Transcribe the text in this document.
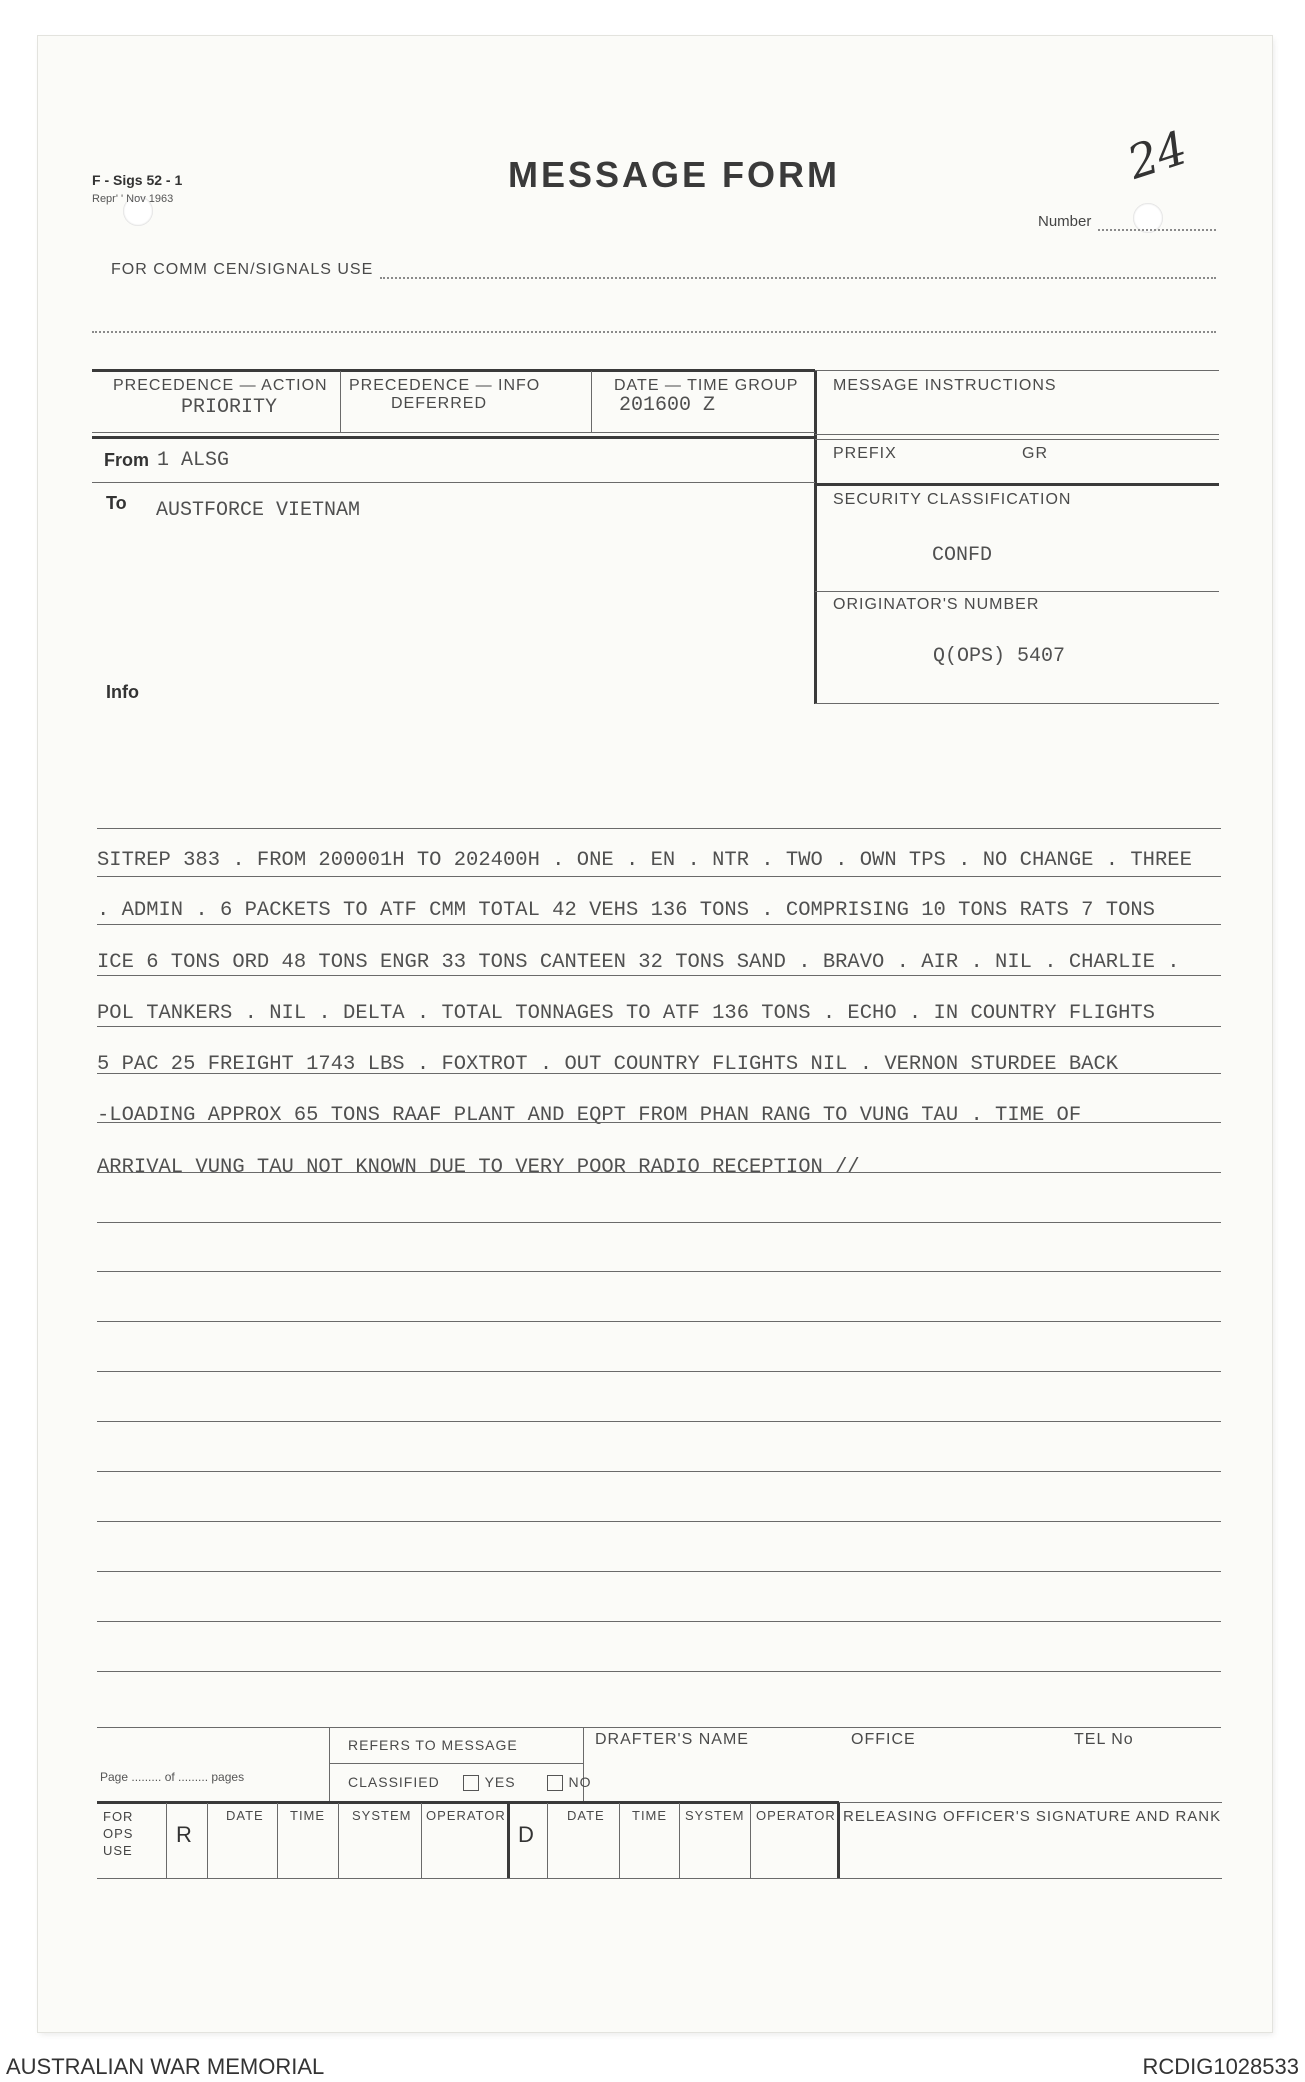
F - Sigs 52 - 1
Repr' ' Nov 1963
MESSAGE FORM
Number
24
FOR COMM CEN/SIGNALS USE
PRECEDENCE — ACTION
PRIORITY
PRECEDENCE — INFO
DEFERRED
DATE — TIME GROUP
201600 Z
MESSAGE INSTRUCTIONS
PREFIX	GR
SECURITY CLASSIFICATION
CONFD
ORIGINATOR'S NUMBER
Q(OPS) 5407
From 1 ALSG
To AUSTFORCE VIETNAM
Info
SITREP 383 . FROM 200001H TO 202400H . ONE . EN . NTR . TWO . OWN TPS . NO CHANGE . THREE
. ADMIN . 6 PACKETS TO ATF CMM TOTAL 42 VEHS 136 TONS . COMPRISING 10 TONS RATS 7 TONS
ICE 6 TONS ORD 48 TONS ENGR 33 TONS CANTEEN 32 TONS SAND . BRAVO . AIR . NIL . CHARLIE .
POL TANKERS . NIL . DELTA . TOTAL TONNAGES TO ATF 136 TONS . ECHO . IN COUNTRY FLIGHTS
5 PAC 25 FREIGHT 1743 LBS . FOXTROT . OUT COUNTRY FLIGHTS NIL . VERNON STURDEE BACK
-LOADING APPROX 65 TONS RAAF PLANT AND EQPT FROM PHAN RANG TO VUNG TAU . TIME OF
ARRIVAL VUNG TAU NOT KNOWN DUE TO VERY POOR RADIO RECEPTION //
REFERS TO MESSAGE
CLASSIFIED	YES	NO
Page ......... of ......... pages
DRAFTER'S NAME	OFFICE	TEL No
FOR OPS USE
R
DATE TIME SYSTEM OPERATOR
D
DATE TIME SYSTEM OPERATOR RELEASING OFFICER'S SIGNATURE AND RANK
AUSTRALIAN WAR MEMORIAL	RCDIG1028533
